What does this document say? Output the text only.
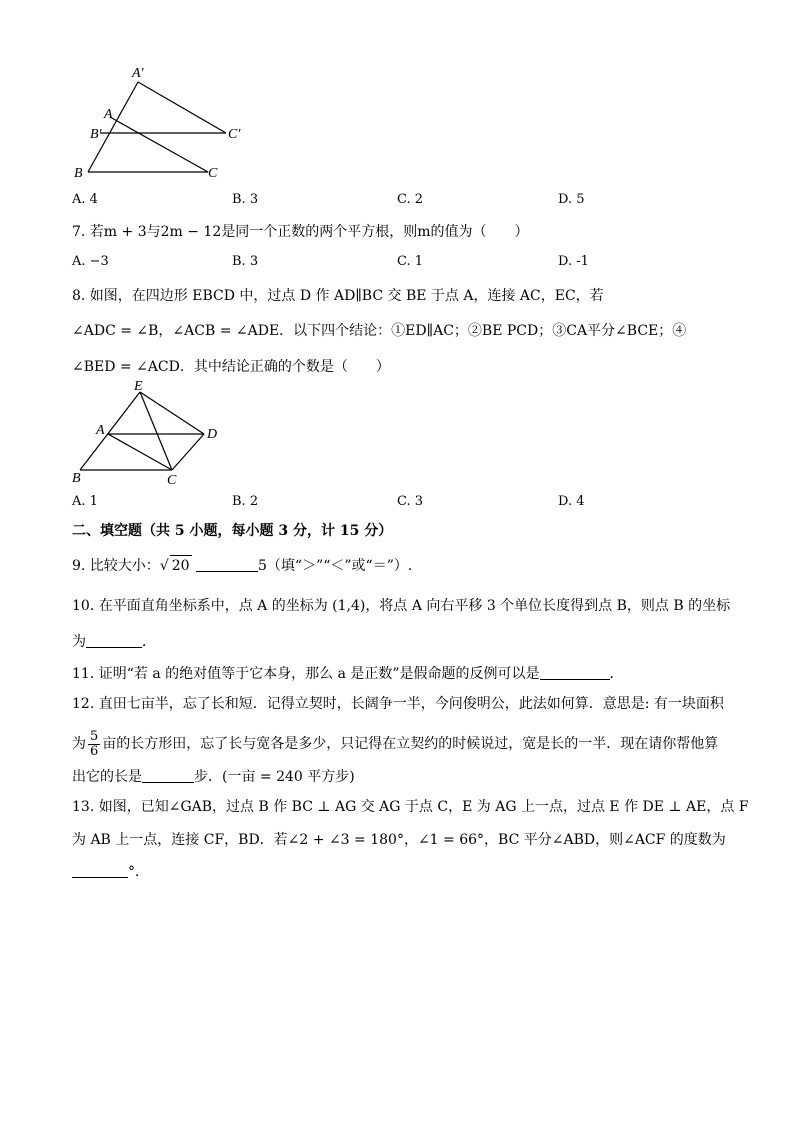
A′
A
B′	C′
B	C
A. 4	B. 3	C. 2	D. 5
7. 若m + 3与2m − 12是同一个正数的两个平方根，则m的值为（　　）
A. −3	B. 3	C. 1	D. -1
8. 如图，在四边形 EBCD 中，过点 D 作 AD∥BC 交 BE 于点 A，连接 AC，EC，若
∠ADC = ∠B，∠ACB = ∠ADE．以下四个结论：①ED∥AC；②BE PCD；③CA平分∠BCE；④
∠BED = ∠ACD．其中结论正确的个数是（　　）
E
A	D
B	C
A. 1	B. 2	C. 3	D. 4
二、填空题（共 5 小题，每小题 3 分，计 15 分）
9. 比较大小：√ 20	5（填“＞”“＜”或“＝”）.
10. 在平面直角坐标系中，点 A 的坐标为 (1,4)，将点 A 向右平移 3 个单位长度得到点 B，则点 B 的坐标
为	．
11. 证明“若 a 的绝对值等于它本身，那么 a 是正数”是假命题的反例可以是	．
12. 直田七亩半，忘了长和短．记得立契时，长阔争一半，今问俊明公，此法如何算．意思是: 有一块面积
为 $\frac{5}{6}$ 亩的长方形田，忘了长与宽各是多少，只记得在立契约的时候说过，宽是长的一半．现在请你帮他算
出它的长是	步．(一亩 = 240 平方步)
13. 如图，已知∠GAB，过点 B 作 BC ⊥ AG 交 AG 于点 C，E 为 AG 上一点，过点 E 作 DE ⊥ AE，点 F
为 AB 上一点，连接 CF，BD．若∠2 + ∠3 = 180°，∠1 = 66°，BC 平分∠ABD，则∠ACF 的度数为
°．
